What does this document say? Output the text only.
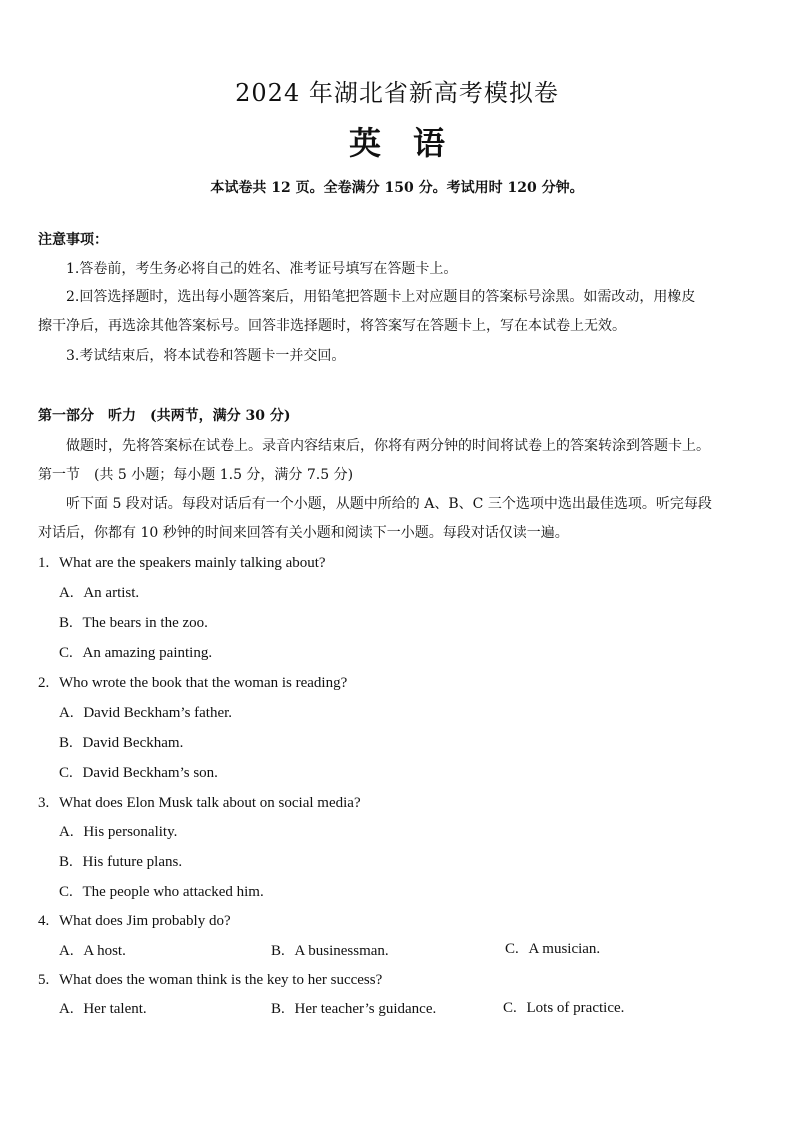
2024 年湖北省新高考模拟卷
英语
本试卷共 12 页。全卷满分 150 分。考试用时 120 分钟。
注意事项：
1.答卷前，考生务必将自己的姓名、准考证号填写在答题卡上。
2.回答选择题时，选出每小题答案后，用铅笔把答题卡上对应题目的答案标号涂黑。如需改动，用橡皮
擦干净后，再选涂其他答案标号。回答非选择题时，将答案写在答题卡上，写在本试卷上无效。
3.考试结束后，将本试卷和答题卡一并交回。
第一部分　听力　(共两节，满分 30 分)
做题时，先将答案标在试卷上。录音内容结束后，你将有两分钟的时间将试卷上的答案转涂到答题卡上。
第一节　(共 5 小题；每小题 1.5 分，满分 7.5 分)
听下面 5 段对话。每段对话后有一个小题，从题中所给的 A、B、C 三个选项中选出最佳选项。听完每段
对话后，你都有 10 秒钟的时间来回答有关小题和阅读下一小题。每段对话仅读一遍。
1. What are the speakers mainly talking about?
A. An artist.
B. The bears in the zoo.
C. An amazing painting.
2. Who wrote the book that the woman is reading?
A. David Beckham’s father.
B. David Beckham.
C. David Beckham’s son.
3. What does Elon Musk talk about on social media?
A. His personality.
B. His future plans.
C. The people who attacked him.
4. What does Jim probably do?
A. A host.	B. A businessman.	C. A musician.
5. What does the woman think is the key to her success?
A. Her talent.	B. Her teacher’s guidance.	C. Lots of practice.
